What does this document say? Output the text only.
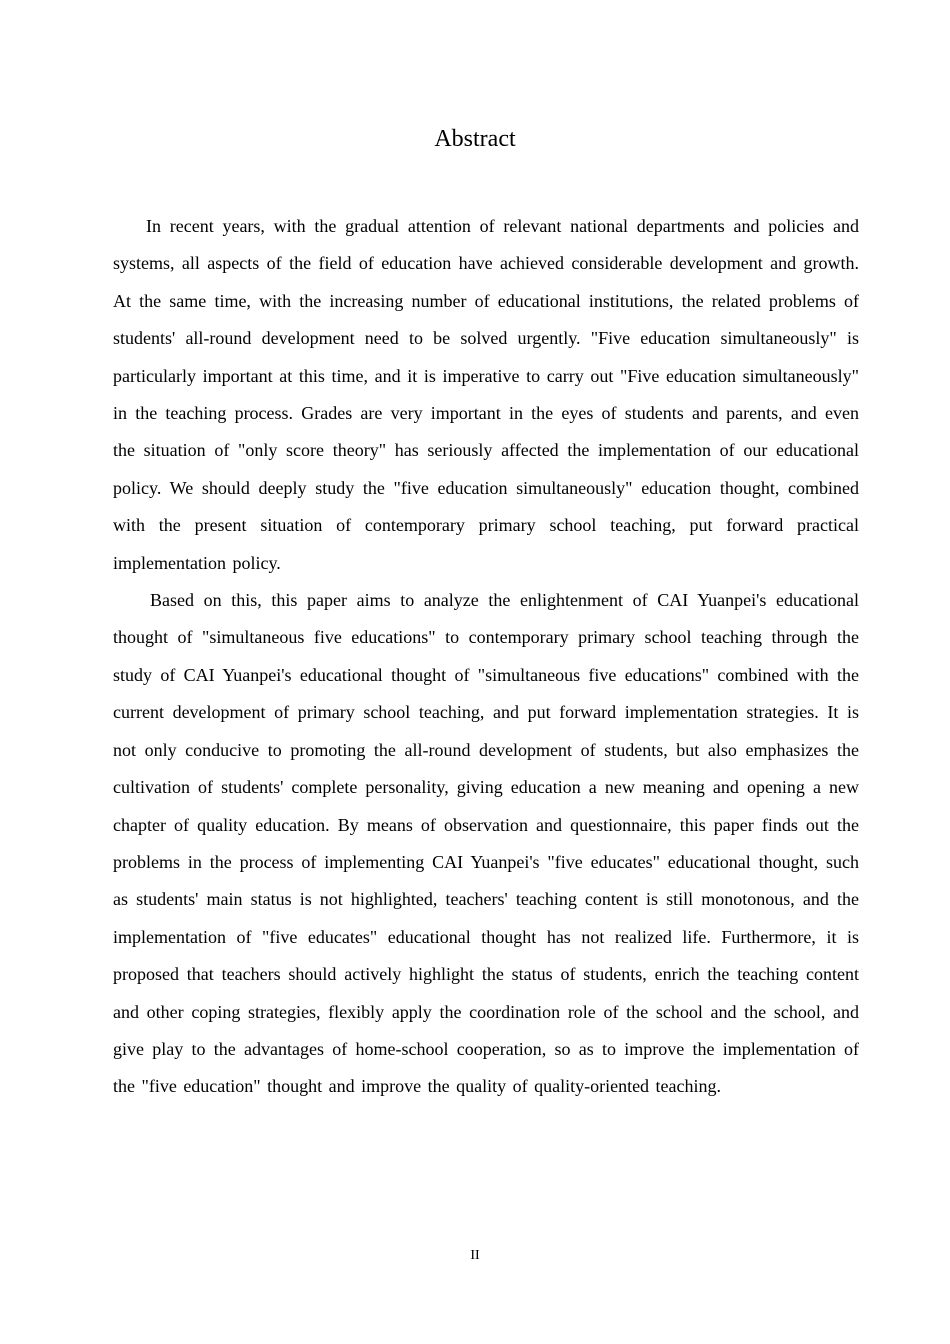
Abstract

In recent years, with the gradual attention of relevant national departments and policies and systems, all aspects of the field of education have achieved considerable development and growth. At the same time, with the increasing number of educational institutions, the related problems of students' all-round development need to be solved urgently. "Five education simultaneously" is particularly important at this time, and it is imperative to carry out "Five education simultaneously" in the teaching process. Grades are very important in the eyes of students and parents, and even the situation of "only score theory" has seriously affected the implementation of our educational policy. We should deeply study the "five education simultaneously" education thought, combined with the present situation of contemporary primary school teaching, put forward practical implementation policy.

Based on this, this paper aims to analyze the enlightenment of CAI Yuanpei's educational thought of "simultaneous five educations" to contemporary primary school teaching through the study of CAI Yuanpei's educational thought of "simultaneous five educations" combined with the current development of primary school teaching, and put forward implementation strategies. It is not only conducive to promoting the all-round development of students, but also emphasizes the cultivation of students' complete personality, giving education a new meaning and opening a new chapter of quality education. By means of observation and questionnaire, this paper finds out the problems in the process of implementing CAI Yuanpei's "five educates" educational thought, such as students' main status is not highlighted, teachers' teaching content is still monotonous, and the implementation of "five educates" educational thought has not realized life. Furthermore, it is proposed that teachers should actively highlight the status of students, enrich the teaching content and other coping strategies, flexibly apply the coordination role of the school and the school, and give play to the advantages of home-school cooperation, so as to improve the implementation of the "five education" thought and improve the quality of quality-oriented teaching.

II
